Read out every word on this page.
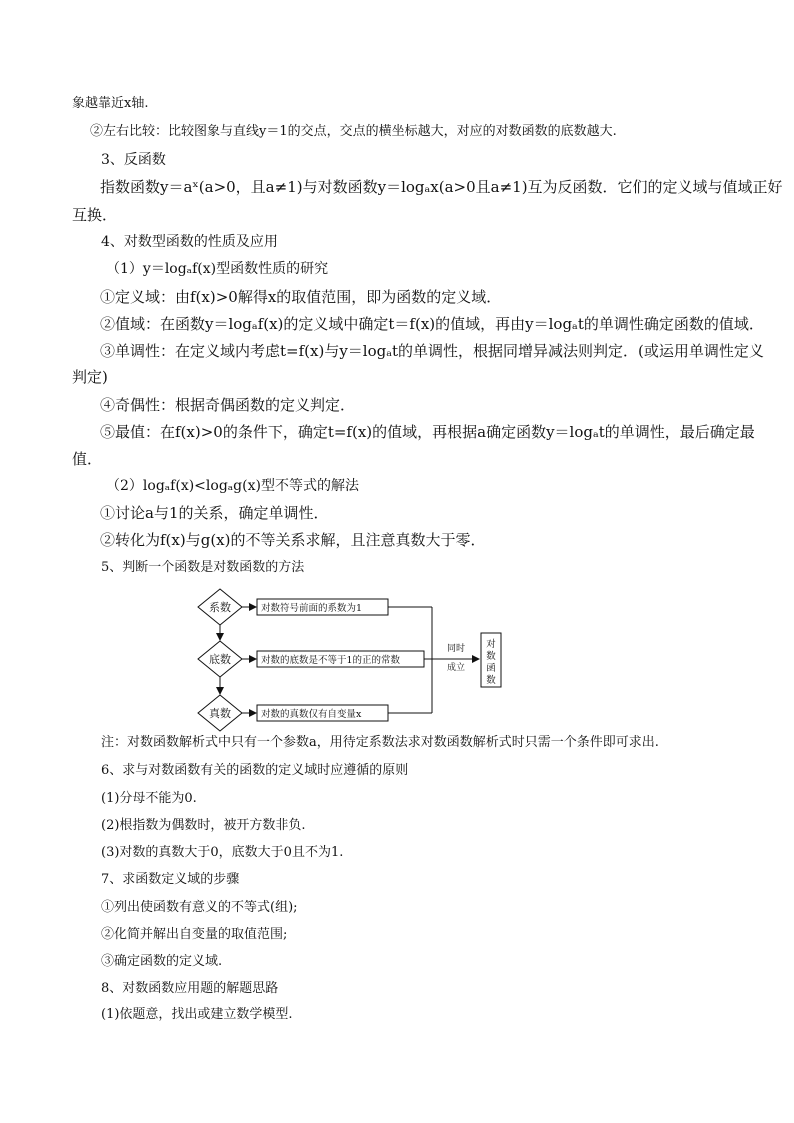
象越靠近x轴.
②左右比较：比较图象与直线y＝1的交点，交点的横坐标越大，对应的对数函数的底数越大.
3、反函数
指数函数y＝aˣ(a>0，且a≠1)与对数函数y＝logₐx(a>0且a≠1)互为反函数．它们的定义域与值域正好
互换．
4、对数型函数的性质及应用
（1）y＝logₐf(x)型函数性质的研究
①定义域：由f(x)>0解得x的取值范围，即为函数的定义域．
②值域：在函数y＝logₐf(x)的定义域中确定t＝f(x)的值域，再由y＝logₐt的单调性确定函数的值域．
③单调性：在定义域内考虑t=f(x)与y＝logₐt的单调性，根据同增异减法则判定．(或运用单调性定义
判定)
④奇偶性：根据奇偶函数的定义判定．
⑤最值：在f(x)>0的条件下，确定t=f(x)的值域，再根据a确定函数y＝logₐt的单调性，最后确定最
值．
（2）logₐf(x)<logₐg(x)型不等式的解法
①讨论a与1的关系，确定单调性．
②转化为f(x)与g(x)的不等关系求解，且注意真数大于零．
5、判断一个函数是对数函数的方法
系数
底数
真数
对数符号前面的系数为1
对数的底数是不等于1的正的常数
对数的真数仅有自变量x
同时
成立
对
数
函
数
注：对数函数解析式中只有一个参数a，用待定系数法求对数函数解析式时只需一个条件即可求出.
6、求与对数函数有关的函数的定义域时应遵循的原则
(1)分母不能为0.
(2)根指数为偶数时，被开方数非负.
(3)对数的真数大于0，底数大于0且不为1.
7、求函数定义域的步骤
①列出使函数有意义的不等式(组);
②化简并解出自变量的取值范围;
③确定函数的定义域.
8、对数函数应用题的解题思路
(1)依题意，找出或建立数学模型.
